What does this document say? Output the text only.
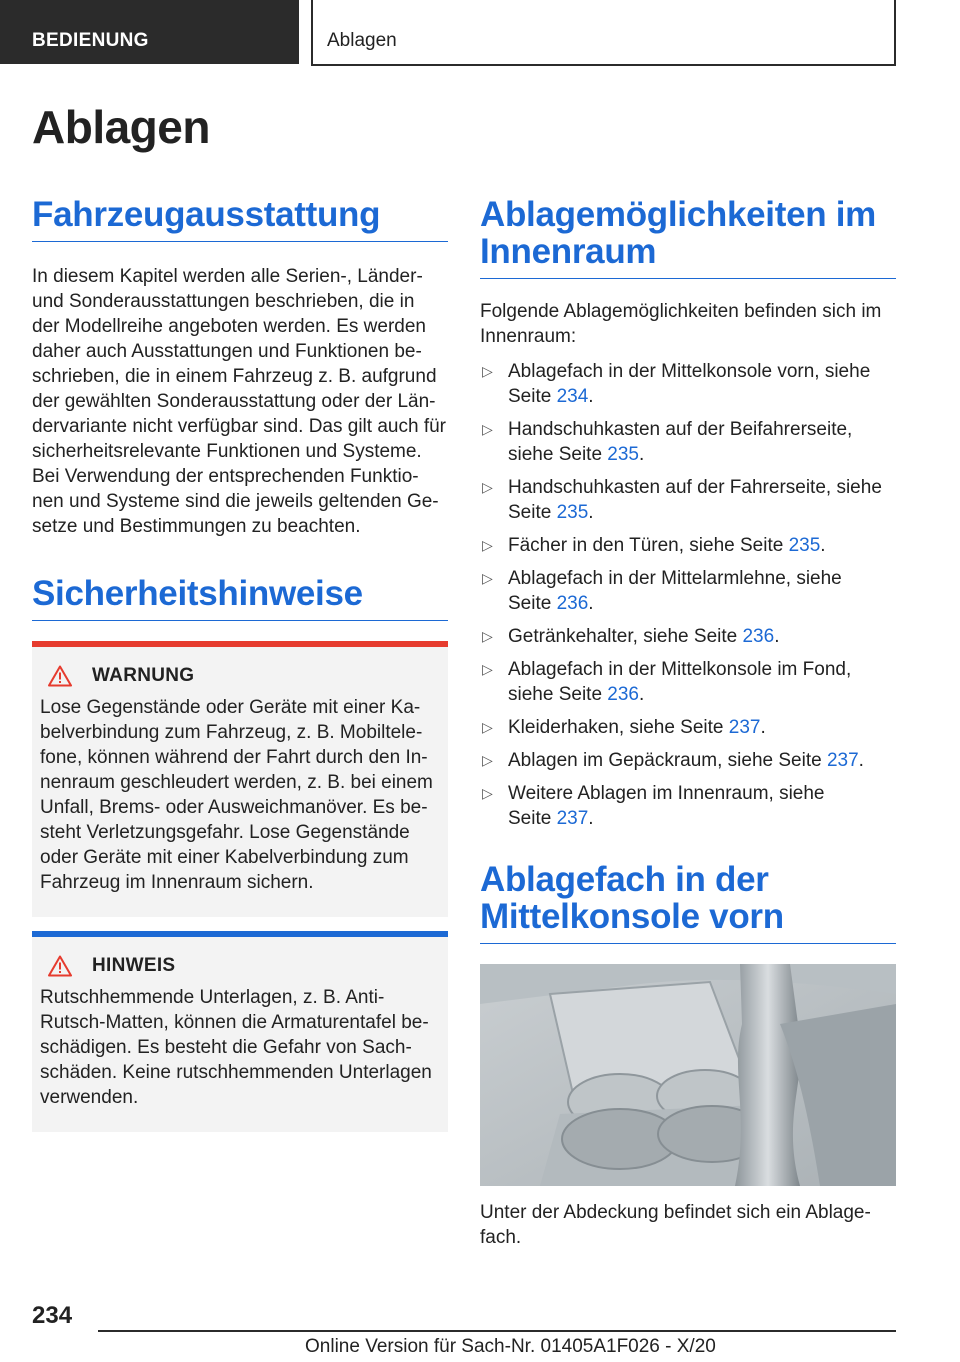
BEDIENUNG	Ablagen
Ablagen
Fahrzeugausstattung

In diesem Kapitel werden alle Serien-, Länder-
und Sonderausstattungen beschrieben, die in
der Modellreihe angeboten werden. Es werden
daher auch Ausstattungen und Funktionen be-
schrieben, die in einem Fahrzeug z. B. aufgrund
der gewählten Sonderausstattung oder der Län-
dervariante nicht verfügbar sind. Das gilt auch für
sicherheitsrelevante Funktionen und Systeme.
Bei Verwendung der entsprechenden Funktio-
nen und Systeme sind die jeweils geltenden Ge-
setze und Bestimmungen zu beachten.

Sicherheitshinweise
WARNUNG

Lose Gegenstände oder Geräte mit einer Ka-
belverbindung zum Fahrzeug, z. B. Mobiltele-
fone, können während der Fahrt durch den In-
nenraum geschleudert werden, z. B. bei einem
Unfall, Brems- oder Ausweichmanöver. Es be-
steht Verletzungsgefahr. Lose Gegenstände
oder Geräte mit einer Kabelverbindung zum
Fahrzeug im Innenraum sichern.

HINWEIS

Rutschhemmende Unterlagen, z. B. Anti-
Rutsch-Matten, können die Armaturentafel be-
schädigen. Es besteht die Gefahr von Sach-
schäden. Keine rutschhemmenden Unterlagen
verwenden.

Ablagemöglichkeiten im
Innenraum

Folgende Ablagemöglichkeiten befinden sich im
Innenraum:

▷ Ablagefach in der Mittelkonsole vorn, siehe
Seite 234.
▷ Handschuhkasten auf der Beifahrerseite,
siehe Seite 235.
▷ Handschuhkasten auf der Fahrerseite, siehe
Seite 235.
▷ Fächer in den Türen, siehe Seite 235.
▷ Ablagefach in der Mittelarmlehne, siehe
Seite 236.
▷ Getränkehalter, siehe Seite 236.
▷ Ablagefach in der Mittelkonsole im Fond,
siehe Seite 236.
▷ Kleiderhaken, siehe Seite 237.
▷ Ablagen im Gepäckraum, siehe Seite 237.
▷ Weitere Ablagen im Innenraum, siehe
Seite 237.
Ablagefach in der
Mittelkonsole vorn

Unter der Abdeckung befindet sich ein Ablage-
fach.

234
Online Version für Sach-Nr. 01405A1F026 - X/20
